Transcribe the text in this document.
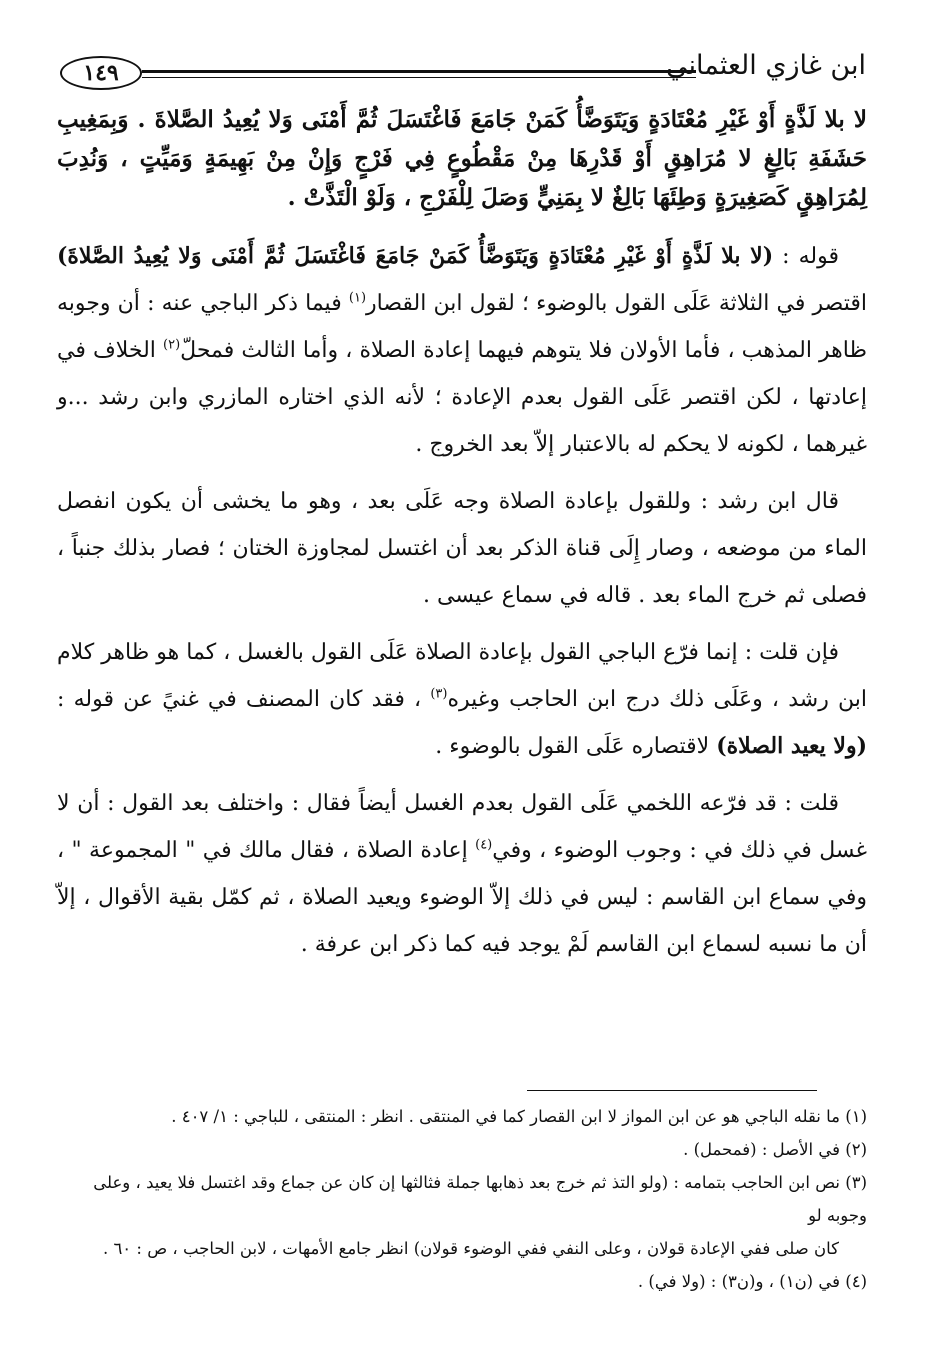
١٤٩	ابن غازي العثماني

لا بلا لَذَّةٍ أَوْ غَيْرِ مُعْتَادَةٍ وَيَتَوَضَّأُ كَمَنْ جَامَعَ فَاغْتَسَلَ ثُمَّ أَمْنَى وَلا يُعِيدُ الصَّلاةَ . وَبِمَغِيبِ حَشَفَةِ بَالِغٍ لا مُرَاهِقٍ أَوْ قَدْرِهَا مِنْ مَقْطُوعٍ فِي فَرْجٍ وَإِنْ مِنْ بَهِيمَةٍ وَمَيِّتٍ ، وَنُدِبَ لِمُرَاهِقٍ كَصَغِيرَةٍ وَطِئَهَا بَالِغٌ لا بِمَنِيٍّ وَصَلَ لِلْفَرْجِ ، وَلَوْ الْتَذَّتْ .

قوله : (لا بلا لَذَّةٍ أَوْ غَيْرِ مُعْتَادَةٍ وَيَتَوَضَّأُ كَمَنْ جَامَعَ فَاغْتَسَلَ ثُمَّ أَمْنَى وَلا يُعِيدُ الصَّلاةَ) اقتصر في الثلاثة عَلَى القول بالوضوء ؛ لقول ابن القصار$^{(١)}$ فيما ذكر الباجي عنه : أن وجوبه ظاهر المذهب ، فأما الأولان فلا يتوهم فيهما إعادة الصلاة ، وأما الثالث فمحلّ$^{(٢)}$ الخلاف في إعادتها ، لكن اقتصر عَلَى القول بعدم الإعادة ؛ لأنه الذي اختاره المازري وابن رشد ...و غيرهما ، لكونه لا يحكم له بالاعتبار إلاّ بعد الخروج .

قال ابن رشد : وللقول بإعادة الصلاة وجه عَلَى بعد ، وهو ما يخشى أن يكون انفصل الماء من موضعه ، وصار إِلَى قناة الذكر بعد أن اغتسل لمجاوزة الختان ؛ فصار بذلك جنباً ، فصلى ثم خرج الماء بعد . قاله في سماع عيسى .

فإن قلت : إنما فرّع الباجي القول بإعادة الصلاة عَلَى القول بالغسل ، كما هو ظاهر كلام ابن رشد ، وعَلَى ذلك درج ابن الحاجب وغيره$^{(٣)}$ ، فقد كان المصنف في غنيً عن قوله : (ولا يعيد الصلاة) لاقتصاره عَلَى القول بالوضوء .

قلت : قد فرّعه اللخمي عَلَى القول بعدم الغسل أيضاً فقال : واختلف بعد القول : أن لا غسل في ذلك في : وجوب الوضوء ، وفي$^{(٤)}$ إعادة الصلاة ، فقال مالك في " المجموعة " ، وفي سماع ابن القاسم : ليس في ذلك إلاّ الوضوء ويعيد الصلاة ، ثم كمّل بقية الأقوال ، إلاّ أن ما نسبه لسماع ابن القاسم لَمْ يوجد فيه كما ذكر ابن عرفة .

(١) ما نقله الباجي هو عن ابن المواز لا ابن القصار كما في المنتقى . انظر : المنتقى ، للباجي : ١/ ٤٠٧ .

(٢) في الأصل : (فمحمل) .

(٣) نص ابن الحاجب بتمامه : (ولو التذ ثم خرج بعد ذهابها جملة فثالثها إن كان عن جماع وقد اغتسل فلا يعيد ، وعلى وجوبه لو

كان صلى ففي الإعادة قولان ، وعلى النفي ففي الوضوء قولان) انظر جامع الأمهات ، لابن الحاجب ، ص : ٦٠ .

(٤) في (ن١) ، و(ن٣) : (ولا في) .
